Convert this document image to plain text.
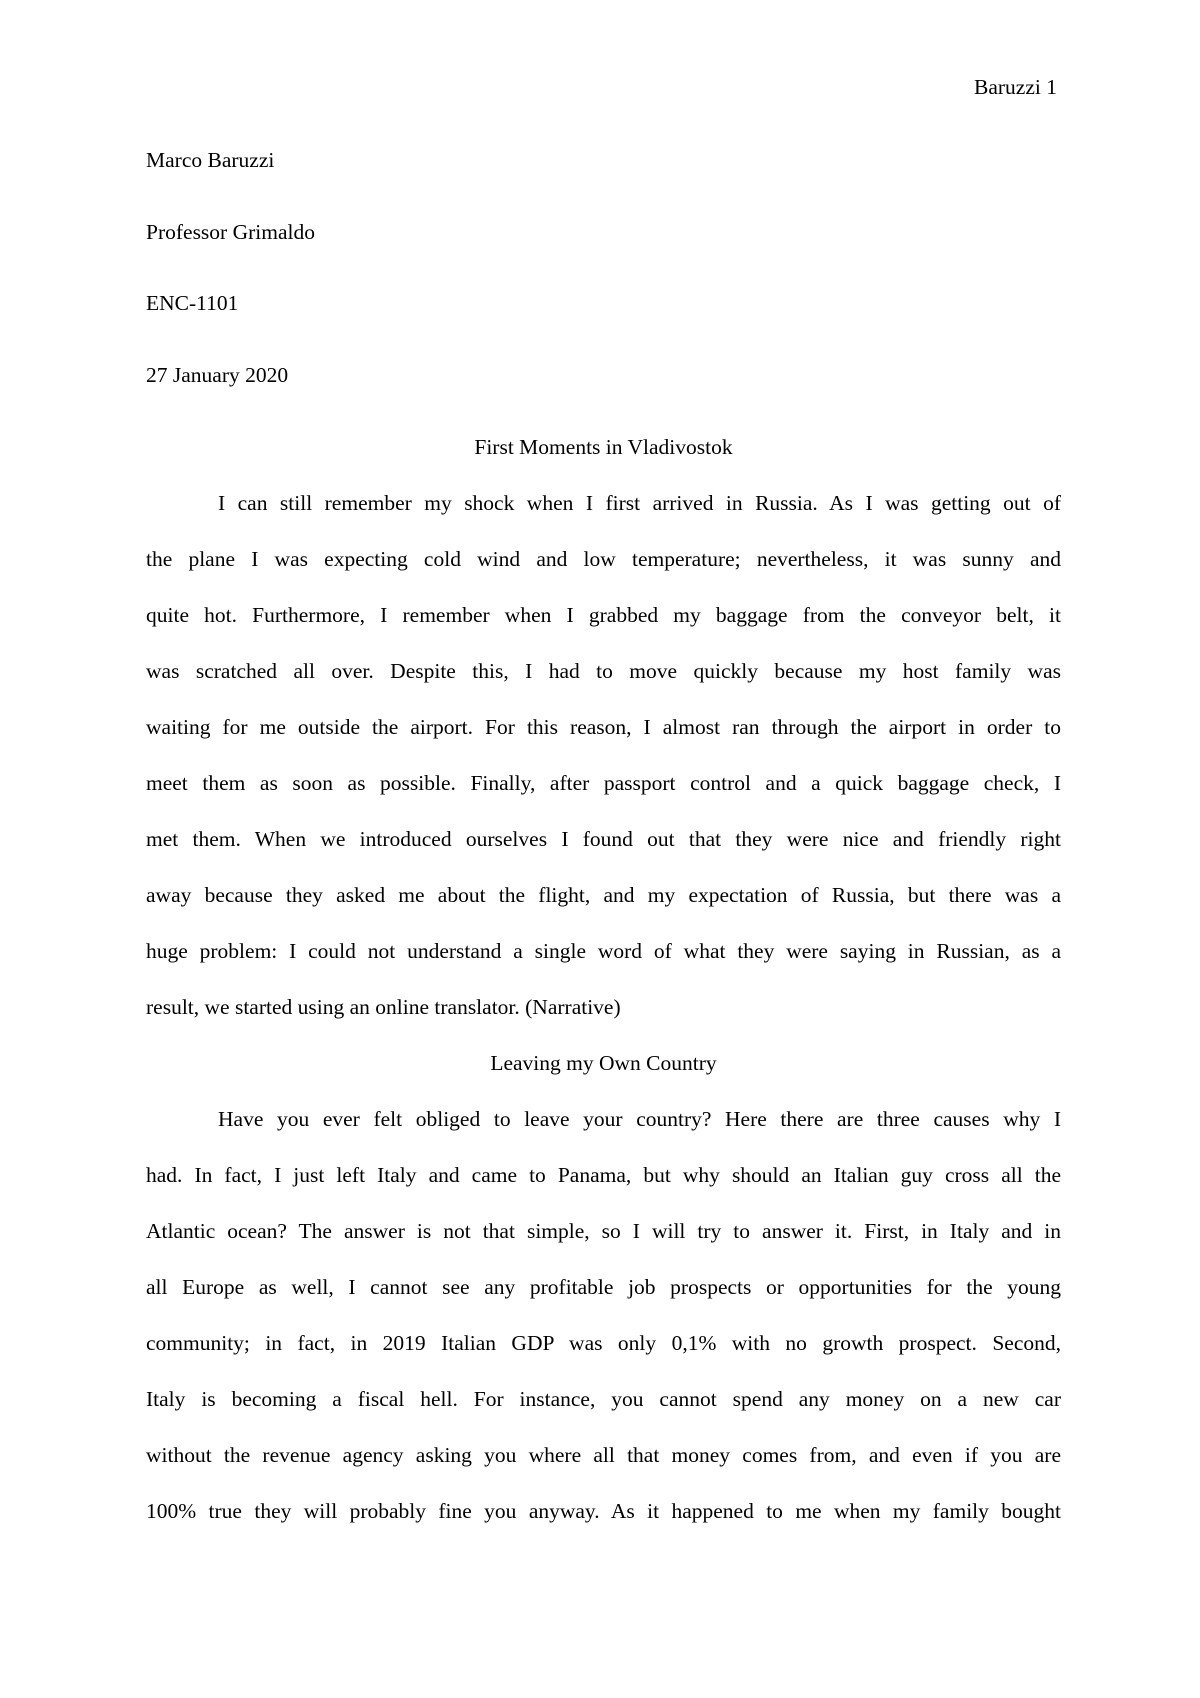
Baruzzi 1
Marco Baruzzi
Professor Grimaldo
ENC-1101
27 January 2020
First Moments in Vladivostok
I can still remember my shock when I first arrived in Russia. As I was getting out of
the plane I was expecting cold wind and low temperature; nevertheless, it was sunny and
quite hot. Furthermore, I remember when I grabbed my baggage from the conveyor belt, it
was scratched all over. Despite this, I had to move quickly because my host family was
waiting for me outside the airport. For this reason, I almost ran through the airport in order to
meet them as soon as possible. Finally, after passport control and a quick baggage check, I
met them. When we introduced ourselves I found out that they were nice and friendly right
away because they asked me about the flight, and my expectation of Russia, but there was a
huge problem: I could not understand a single word of what they were saying in Russian, as a
result, we started using an online translator. (Narrative)
Leaving my Own Country
Have you ever felt obliged to leave your country? Here there are three causes why I
had. In fact, I just left Italy and came to Panama, but why should an Italian guy cross all the
Atlantic ocean? The answer is not that simple, so I will try to answer it. First, in Italy and in
all Europe as well, I cannot see any profitable job prospects or opportunities for the young
community; in fact, in 2019 Italian GDP was only 0,1% with no growth prospect. Second,
Italy is becoming a fiscal hell. For instance, you cannot spend any money on a new car
without the revenue agency asking you where all that money comes from, and even if you are
100% true they will probably fine you anyway. As it happened to me when my family bought
